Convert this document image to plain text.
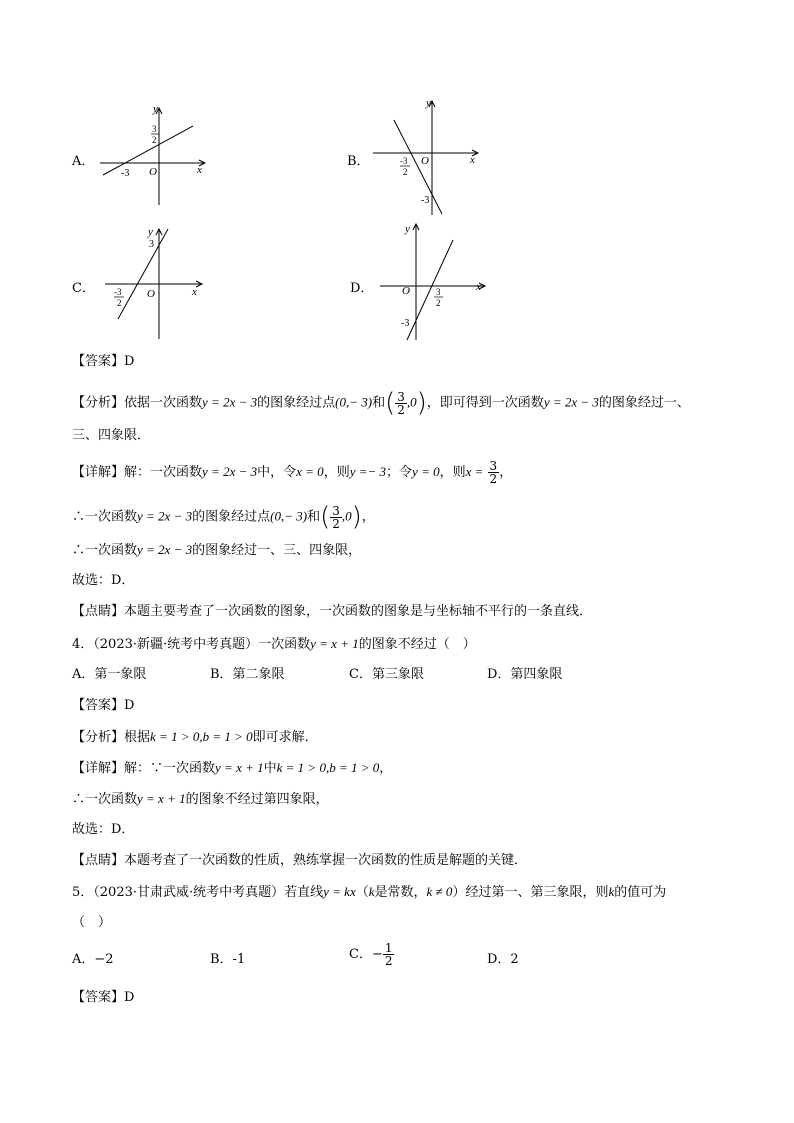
A．
y
x
O
-3
3
2
B．
y
x
O
-3
2
-3
C．
y
x
O
3
-3
2
D．
y
x
O
-3
3
2
【答案】D
【分析】依据一次函数y = 2x − 3的图象经过点(0,− 3)和( $\frac{3}{2} ,0$)，即可得到一次函数y = 2x − 3的图象经过一、
三、四象限．
【详解】解：一次函数y = 2x − 3中，令x = 0，则y =− 3；令y = 0，则$x = \frac{3}{2}$ ，
∴一次函数y = 2x − 3的图象经过点(0,− 3)和( $\frac{3}{2} ,0$)，
∴一次函数y = 2x − 3的图象经过一、三、四象限，
故选：D．
【点睛】本题主要考查了一次函数的图象，一次函数的图象是与坐标轴不平行的一条直线．
4．（2023·新疆·统考中考真题）一次函数y = x + 1的图象不经过（　）
A．第一象限	B．第二象限	C．第三象限	D．第四象限
【答案】D
【分析】根据k = 1 > 0,b = 1 > 0即可求解．
【详解】解：∵一次函数y = x + 1中k = 1 > 0,b = 1 > 0，
∴一次函数y = x + 1的图象不经过第四象限，
故选：D．
【点睛】本题考查了一次函数的性质，熟练掌握一次函数的性质是解题的关键．
5．（2023·甘肃武威·统考中考真题）若直线y = kx（k是常数，k ≠ 0）经过第一、第三象限，则k的值可为
（　）
A．−2	B．-1	C．− $\frac{1}{2}$	D．2
【答案】D
